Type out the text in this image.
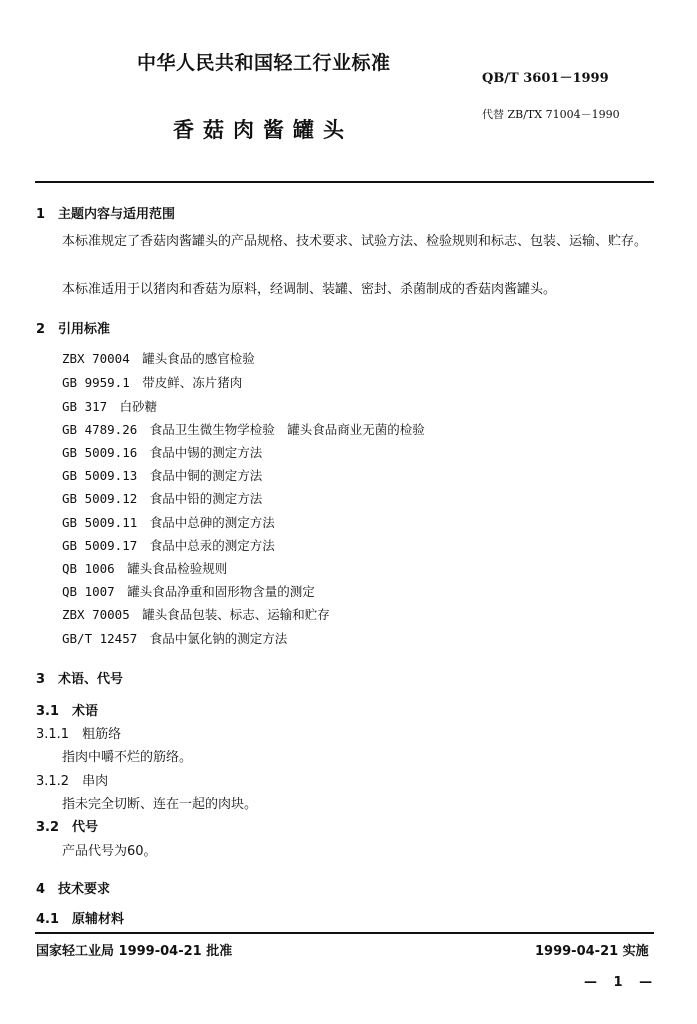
中华人民共和国轻工行业标准
QB/T 3601－1999
代替 ZB/TX 71004－1990
香菇肉酱罐头
1　主题内容与适用范围
本标准规定了香菇肉酱罐头的产品规格、技术要求、试验方法、检验规则和标志、包装、运输、贮存。
本标准适用于以猪肉和香菇为原料，经调制、装罐、密封、杀菌制成的香菇肉酱罐头。
2　引用标准
ZBX 70004　 罐头食品的感官检验
GB 9959.1　 带皮鲜、冻片猪肉
GB 317　 白砂糖
GB 4789.26　 食品卫生微生物学检验　罐头食品商业无菌的检验
GB 5009.16　 食品中锡的测定方法
GB 5009.13　 食品中铜的测定方法
GB 5009.12　 食品中铅的测定方法
GB 5009.11　 食品中总砷的测定方法
GB 5009.17　 食品中总汞的测定方法
QB 1006　 罐头食品检验规则
QB 1007　 罐头食品净重和固形物含量的测定
ZBX 70005　 罐头食品包装、标志、运输和贮存
GB/T 12457　 食品中氯化钠的测定方法
3　术语、代号
3.1　术语
3.1.1　粗筋络
指肉中嚼不烂的筋络。
3.1.2　串肉
指未完全切断、连在一起的肉块。
3.2　代号
产品代号为60。
4　技术要求
4.1　原辅材料
国家轻工业局 1999-04-21 批准	1999-04-21 实施
— 1 —
